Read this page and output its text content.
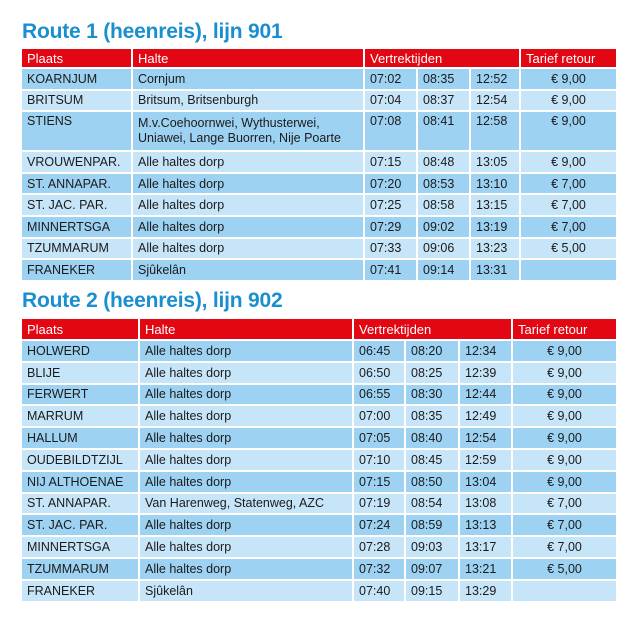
Route 1 (heenreis), lijn 901
Plaats	Halte	Vertrektijden			Tarief retour
KOARNJUM	Cornjum	07:02	08:35	12:52	€ 9,00
BRITSUM	Britsum, Britsenburgh	07:04	08:37	12:54	€ 9,00
STIENS	M.v.Coehoornwei, Wythusterwei, Uniawei, Lange Buorren, Nije Poarte	07:08	08:41	12:58	€ 9,00
VROUWENPAR.	Alle haltes dorp	07:15	08:48	13:05	€ 9,00
ST. ANNAPAR.	Alle haltes dorp	07:20	08:53	13:10	€ 7,00
ST. JAC. PAR.	Alle haltes dorp	07:25	08:58	13:15	€ 7,00
MINNERTSGA	Alle haltes dorp	07:29	09:02	13:19	€ 7,00
TZUMMARUM	Alle haltes dorp	07:33	09:06	13:23	€ 5,00
FRANEKER	Sjûkelân	07:41	09:14	13:31	
Route 2 (heenreis), lijn 902
Plaats	Halte	Vertrektijden			Tarief retour
HOLWERD	Alle haltes dorp	06:45	08:20	12:34	€ 9,00
BLIJE	Alle haltes dorp	06:50	08:25	12:39	€ 9,00
FERWERT	Alle haltes dorp	06:55	08:30	12:44	€ 9,00
MARRUM	Alle haltes dorp	07:00	08:35	12:49	€ 9,00
HALLUM	Alle haltes dorp	07:05	08:40	12:54	€ 9,00
OUDEBILDTZIJL	Alle haltes dorp	07:10	08:45	12:59	€ 9,00
NIJ ALTHOENAE	Alle haltes dorp	07:15	08:50	13:04	€ 9,00
ST. ANNAPAR.	Van Harenweg, Statenweg, AZC	07:19	08:54	13:08	€ 7,00
ST. JAC. PAR.	Alle haltes dorp	07:24	08:59	13:13	€ 7,00
MINNERTSGA	Alle haltes dorp	07:28	09:03	13:17	€ 7,00
TZUMMARUM	Alle haltes dorp	07:32	09:07	13:21	€ 5,00
FRANEKER	Sjûkelân	07:40	09:15	13:29	
